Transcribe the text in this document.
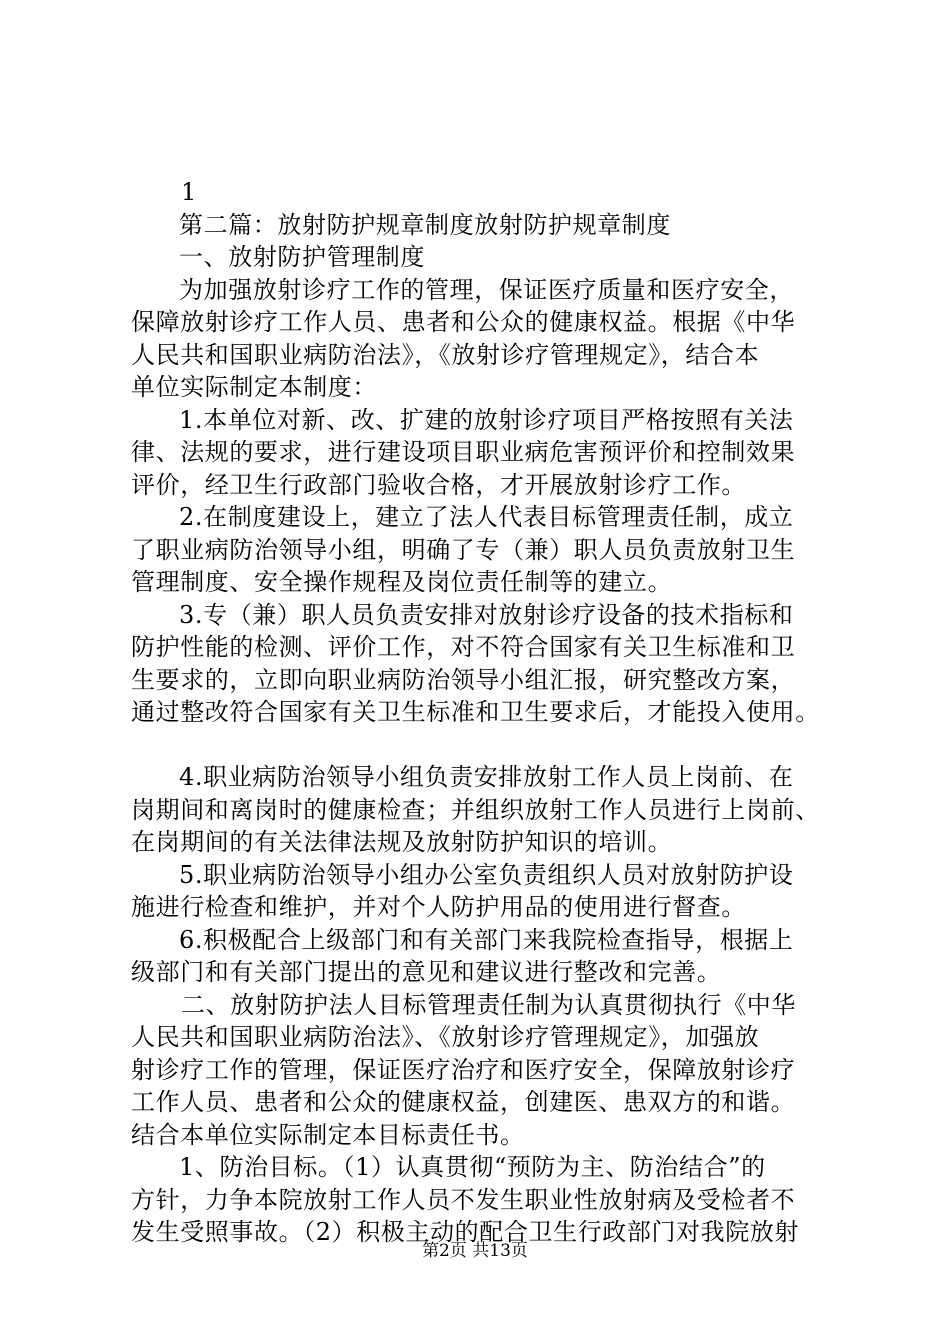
1
第二篇：放射防护规章制度放射防护规章制度
一、放射防护管理制度
为加强放射诊疗工作的管理，保证医疗质量和医疗安全，
保障放射诊疗工作人员、患者和公众的健康权益。根据《中华
人民共和国职业病防治法》，《放射诊疗管理规定》，结合本
单位实际制定本制度：
1.本单位对新、改、扩建的放射诊疗项目严格按照有关法
律、法规的要求，进行建设项目职业病危害预评价和控制效果
评价，经卫生行政部门验收合格，才开展放射诊疗工作。
2.在制度建设上，建立了法人代表目标管理责任制，成立
了职业病防治领导小组，明确了专（兼）职人员负责放射卫生
管理制度、安全操作规程及岗位责任制等的建立。
3.专（兼）职人员负责安排对放射诊疗设备的技术指标和
防护性能的检测、评价工作，对不符合国家有关卫生标准和卫
生要求的，立即向职业病防治领导小组汇报，研究整改方案，
通过整改符合国家有关卫生标准和卫生要求后，才能投入使用。
4.职业病防治领导小组负责安排放射工作人员上岗前、在
岗期间和离岗时的健康检查；并组织放射工作人员进行上岗前、
在岗期间的有关法律法规及放射防护知识的培训。
5.职业病防治领导小组办公室负责组织人员对放射防护设
施进行检查和维护，并对个人防护用品的使用进行督查。
6.积极配合上级部门和有关部门来我院检查指导，根据上
级部门和有关部门提出的意见和建议进行整改和完善。
二、放射防护法人目标管理责任制为认真贯彻执行《中华
人民共和国职业病防治法》、《放射诊疗管理规定》，加强放
射诊疗工作的管理，保证医疗治疗和医疗安全，保障放射诊疗
工作人员、患者和公众的健康权益，创建医、患双方的和谐。
结合本单位实际制定本目标责任书。
1、防治目标。（1）认真贯彻“预防为主、防治结合”的
方针，力争本院放射工作人员不发生职业性放射病及受检者不
发生受照事故。（2）积极主动的配合卫生行政部门对我院放射
第2页 共13页
